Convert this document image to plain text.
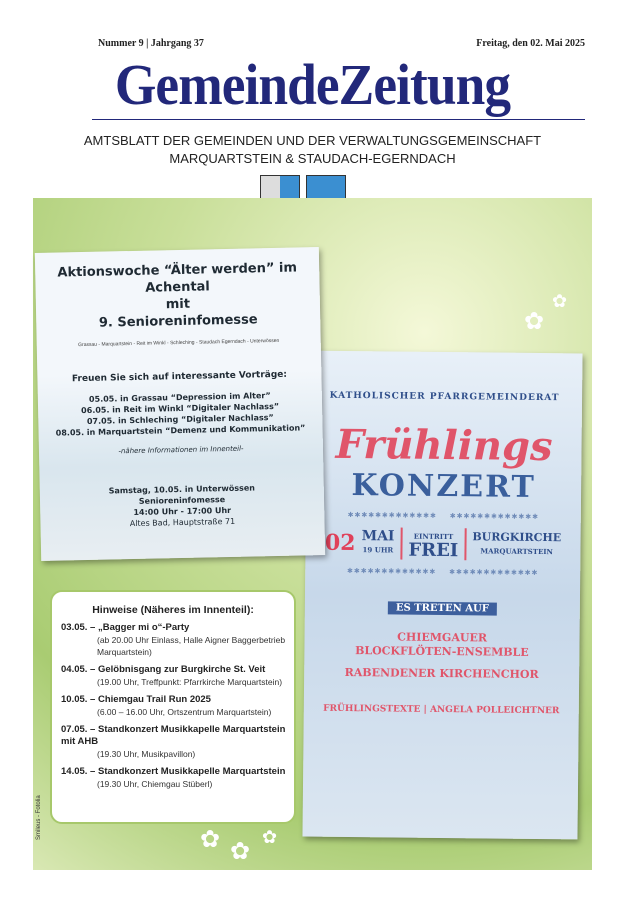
Nummer 9 | Jahrgang 37	Freitag, den 02. Mai 2025
GemeindeZeitung
AMTSBLATT DER GEMEINDEN UND DER VERWALTUNGSGEMEINSCHAFT
MARQUARTSTEIN & STAUDACH-EGERNDACH
KATHOLISCHER PFARRGEMEINDERAT
Frühlings
KONZERT
✱✱✱✱✱✱✱✱✱✱✱✱✱    ✱✱✱✱✱✱✱✱✱✱✱✱✱
02 MAI
19 UHR
EINTRITT
FREI
BURGKIRCHE
MARQUARTSTEIN
✱✱✱✱✱✱✱✱✱✱✱✱✱    ✱✱✱✱✱✱✱✱✱✱✱✱✱
ES TRETEN AUF
CHIEMGAUER
BLOCKFLÖTEN-ENSEMBLE
RABENDENER KIRCHENCHOR
FRÜHLINGSTEXTE | ANGELA POLLEICHTNER
Aktionswoche “Älter werden” im Achental
mit
9. Senioreninfomesse
Grassau - Marquartstein - Reit im Winkl - Schleching - Staudach Egerndach - Unterwössen
Freuen Sie sich auf interessante Vorträge:
05.05. in Grassau “Depression im Alter”
06.05. in Reit im Winkl “Digitaler Nachlass”
07.05. in Schleching “Digitaler Nachlass”
08.05. in Marquartstein “Demenz und Kommunikation”
-nähere Informationen im Innenteil-
Samstag, 10.05. in Unterwössen
Senioreninfomesse
14:00 Uhr - 17:00 Uhr
Altes Bad, Hauptstraße 71
Hinweise (Näheres im Innenteil):
03.05. – „Bagger mi o“-Party
(ab 20.00 Uhr Einlass, Halle Aigner Baggerbetrieb Marquartstein)
04.05. – Gelöbnisgang zur Burgkirche St. Veit
(19.00 Uhr, Treffpunkt: Pfarrkirche Marquartstein)
10.05. – Chiemgau Trail Run 2025
(6.00 – 16.00 Uhr, Ortszentrum Marquartstein)
07.05. – Standkonzert Musikkapelle Marquartstein mit AHB
(19.30 Uhr, Musikpavillon)
14.05. – Standkonzert Musikkapelle Marquartstein
(19.30 Uhr, Chiemgau Stüberl)
✿
✿
✿ ✿
✿
Smileus - Fotolia
